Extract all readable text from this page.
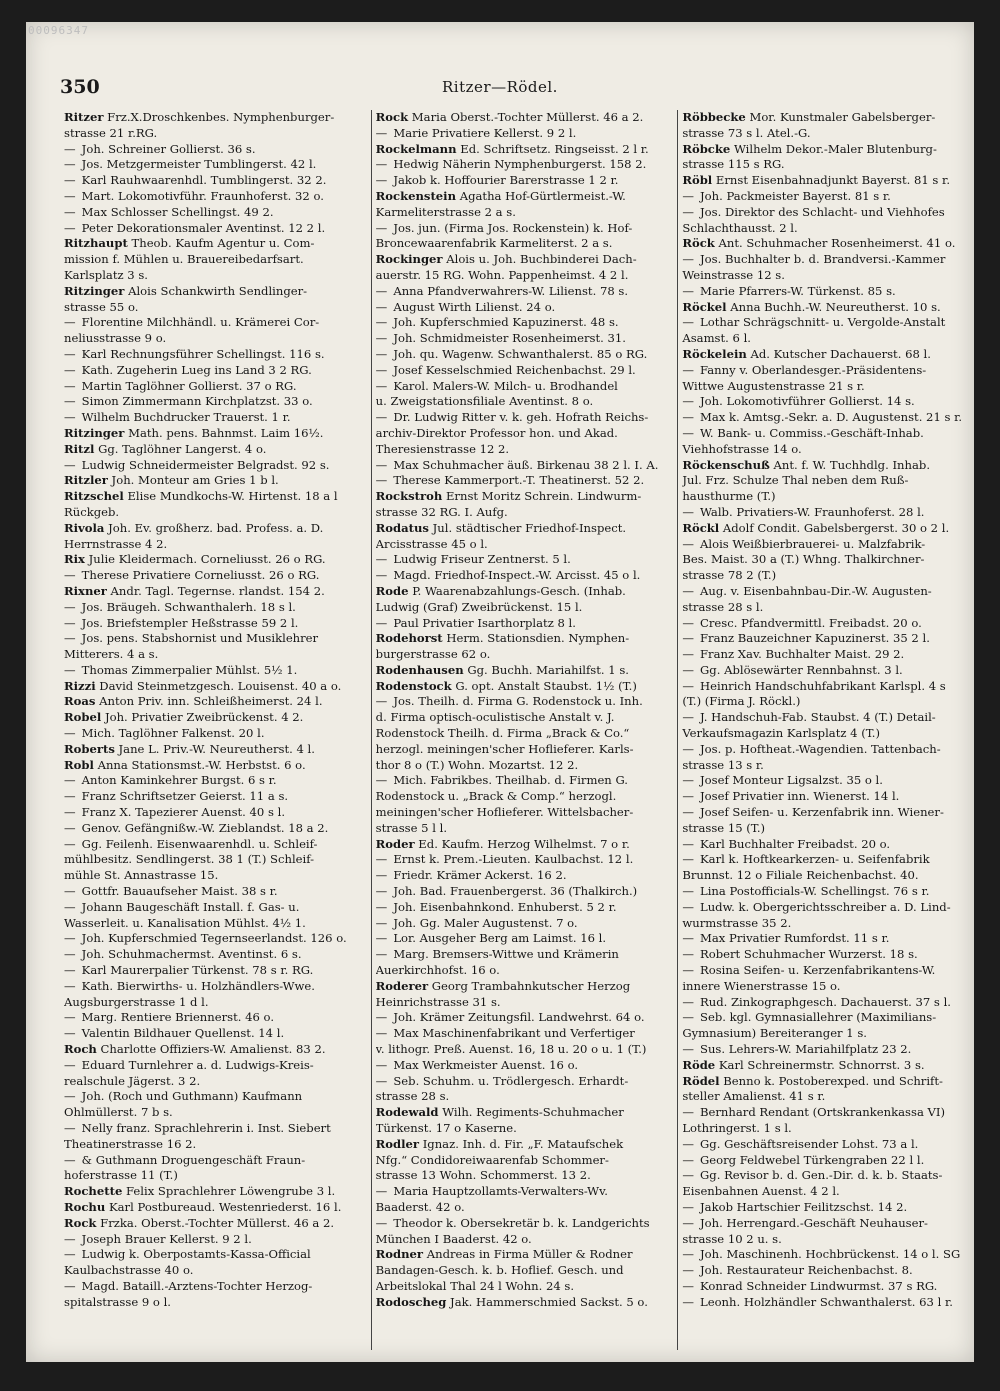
00096347
350	Ritzer—Rödel.
Ritzer Frz.X.Droschkenbes. Nymphenburger-
strasse 21 r.RG.
— Joh. Schreiner Gollierst. 36 s.
— Jos. Metzgermeister Tumblingerst. 42 l.
— Karl Rauhwaarenhdl. Tumblingerst. 32 2.
— Mart. Lokomotivführ. Fraunhoferst. 32 o.
— Max Schlosser Schellingst. 49 2.
— Peter Dekorationsmaler Aventinst. 12 2 l.
Ritzhaupt Theob. Kaufm Agentur u. Com-
mission f. Mühlen u. Brauereibedarfsart.
Karlsplatz 3 s.
Ritzinger Alois Schankwirth Sendlinger-
strasse 55 o.
— Florentine Milchhändl. u. Krämerei Cor-
neliusstrasse 9 o.
— Karl Rechnungsführer Schellingst. 116 s.
— Kath. Zugeherin Lueg ins Land 3 2 RG.
— Martin Taglöhner Gollierst. 37 o RG.
— Simon Zimmermann Kirchplatzst. 33 o.
— Wilhelm Buchdrucker Trauerst. 1 r.
Ritzinger Math. pens. Bahnmst. Laim 16½.
Ritzl Gg. Taglöhner Langerst. 4 o.
— Ludwig Schneidermeister Belgradst. 92 s.
Ritzler Joh. Monteur am Gries 1 b l.
Ritzschel Elise Mundkochs-W. Hirtenst. 18 a l
Rückgeb.
Rivola Joh. Ev. großherz. bad. Profess. a. D.
Herrnstrasse 4 2.
Rix Julie Kleidermach. Corneliusst. 26 o RG.
— Therese Privatiere Corneliusst. 26 o RG.
Rixner Andr. Tagl. Tegernse. rlandst. 154 2.
— Jos. Bräugeh. Schwanthalerh. 18 s l.
— Jos. Briefstempler Heßstrasse 59 2 l.
— Jos. pens. Stabshornist und Musiklehrer
Mitterers. 4 a s.
— Thomas Zimmerpalier Mühlst. 5½ 1.
Rizzi David Steinmetzgesch. Louisenst. 40 a o.
Roas Anton Priv. inn. Schleißheimerst. 24 l.
Robel Joh. Privatier Zweibrückenst. 4 2.
— Mich. Taglöhner Falkenst. 20 l.
Roberts Jane L. Priv.-W. Neureutherst. 4 l.
Robl Anna Stationsmst.-W. Herbstst. 6 o.
— Anton Kaminkehrer Burgst. 6 s r.
— Franz Schriftsetzer Geierst. 11 a s.
— Franz X. Tapezierer Auenst. 40 s l.
— Genov. Gefängnißw.-W. Zieblandst. 18 a 2.
— Gg. Feilenh. Eisenwaarenhdl. u. Schleif-
mühlbesitz. Sendlingerst. 38 1 (T.) Schleif-
mühle St. Annastrasse 15.
— Gottfr. Bauaufseher Maist. 38 s r.
— Johann Baugeschäft Install. f. Gas- u.
Wasserleit. u. Kanalisation Mühlst. 4½ 1.
— Joh. Kupferschmied Tegernseerlandst. 126 o.
— Joh. Schuhmachermst. Aventinst. 6 s.
— Karl Maurerpalier Türkenst. 78 s r. RG.
— Kath. Bierwirths- u. Holzhändlers-Wwe.
Augsburgerstrasse 1 d l.
— Marg. Rentiere Briennerst. 46 o.
— Valentin Bildhauer Quellenst. 14 l.
Roch Charlotte Offiziers-W. Amalienst. 83 2.
— Eduard Turnlehrer a. d. Ludwigs-Kreis-
realschule Jägerst. 3 2.
— Joh. (Roch und Guthmann) Kaufmann
Ohlmüllerst. 7 b s.
— Nelly franz. Sprachlehrerin i. Inst. Siebert
Theatinerstrasse 16 2.
— & Guthmann Droguengeschäft Fraun-
hoferstrasse 11 (T.)
Rochette Felix Sprachlehrer Löwengrube 3 l.
Rochu Karl Postbureaud. Westenriederst. 16 l.
Rock Frzka. Oberst.-Tochter Müllerst. 46 a 2.
— Joseph Brauer Kellerst. 9 2 l.
— Ludwig k. Oberpostamts-Kassa-Official
Kaulbachstrasse 40 o.
— Magd. Bataill.-Arztens-Tochter Herzog-
spitalstrasse 9 o l.
Rock Maria Oberst.-Tochter Müllerst. 46 a 2.
— Marie Privatiere Kellerst. 9 2 l.
Rockelmann Ed. Schriftsetz. Ringseisst. 2 l r.
— Hedwig Näherin Nymphenburgerst. 158 2.
— Jakob k. Hoffourier Barerstrasse 1 2 r.
Rockenstein Agatha Hof-Gürtlermeist.-W.
Karmeliterstrasse 2 a s.
— Jos. jun. (Firma Jos. Rockenstein) k. Hof-
Broncewaarenfabrik Karmeliterst. 2 a s.
Rockinger Alois u. Joh. Buchbinderei Dach-
auerstr. 15 RG. Wohn. Pappenheimst. 4 2 l.
— Anna Pfandverwahrers-W. Lilienst. 78 s.
— August Wirth Lilienst. 24 o.
— Joh. Kupferschmied Kapuzinerst. 48 s.
— Joh. Schmidmeister Rosenheimerst. 31.
— Joh. qu. Wagenw. Schwanthalerst. 85 o RG.
— Josef Kesselschmied Reichenbachst. 29 l.
— Karol. Malers-W. Milch- u. Brodhandel
u. Zweigstationsfiliale Aventinst. 8 o.
— Dr. Ludwig Ritter v. k. geh. Hofrath Reichs-
archiv-Direktor Professor hon. und Akad.
Theresienstrasse 12 2.
— Max Schuhmacher äuß. Birkenau 38 2 l. I. A.
— Therese Kammerport.-T. Theatinerst. 52 2.
Rockstroh Ernst Moritz Schrein. Lindwurm-
strasse 32 RG. I. Aufg.
Rodatus Jul. städtischer Friedhof-Inspect.
Arcisstrasse 45 o l.
— Ludwig Friseur Zentnerst. 5 l.
— Magd. Friedhof-Inspect.-W. Arcisst. 45 o l.
Rode P. Waarenabzahlungs-Gesch. (Inhab.
Ludwig (Graf) Zweibrückenst. 15 l.
— Paul Privatier Isarthorplatz 8 l.
Rodehorst Herm. Stationsdien. Nymphen-
burgerstrasse 62 o.
Rodenhausen Gg. Buchh. Mariahilfst. 1 s.
Rodenstock G. opt. Anstalt Staubst. 1½ (T.)
— Jos. Theilh. d. Firma G. Rodenstock u. Inh.
d. Firma optisch-oculistische Anstalt v. J.
Rodenstock Theilh. d. Firma „Brack & Co.“
herzogl. meiningen'scher Hoflieferer. Karls-
thor 8 o (T.) Wohn. Mozartst. 12 2.
— Mich. Fabrikbes. Theilhab. d. Firmen G.
Rodenstock u. „Brack & Comp.“ herzogl.
meiningen'scher Hoflieferer. Wittelsbacher-
strasse 5 l l.
Roder Ed. Kaufm. Herzog Wilhelmst. 7 o r.
— Ernst k. Prem.-Lieuten. Kaulbachst. 12 l.
— Friedr. Krämer Ackerst. 16 2.
— Joh. Bad. Frauenbergerst. 36 (Thalkirch.)
— Joh. Eisenbahnkond. Enhuberst. 5 2 r.
— Joh. Gg. Maler Augustenst. 7 o.
— Lor. Ausgeher Berg am Laimst. 16 l.
— Marg. Bremsers-Wittwe und Krämerin
Auerkirchhofst. 16 o.
Roderer Georg Trambahnkutscher Herzog
Heinrichstrasse 31 s.
— Joh. Krämer Zeitungsfil. Landwehrst. 64 o.
— Max Maschinenfabrikant und Verfertiger
v. lithogr. Preß. Auenst. 16, 18 u. 20 o u. 1 (T.)
— Max Werkmeister Auenst. 16 o.
— Seb. Schuhm. u. Trödlergesch. Erhardt-
strasse 28 s.
Rodewald Wilh. Regiments-Schuhmacher
Türkenst. 17 o Kaserne.
Rodler Ignaz. Inh. d. Fir. „F. Mataufschek
Nfg.“ Condidoreiwaarenfab Schommer-
strasse 13 Wohn. Schommerst. 13 2.
— Maria Hauptzollamts-Verwalters-Wv.
Baaderst. 42 o.
— Theodor k. Obersekretär b. k. Landgerichts
München I Baaderst. 42 o.
Rodner Andreas in Firma Müller & Rodner
Bandagen-Gesch. k. b. Hoflief. Gesch. und
Arbeitslokal Thal 24 l Wohn. 24 s.
Rodoscheg Jak. Hammerschmied Sackst. 5 o.
Röbbecke Mor. Kunstmaler Gabelsberger-
strasse 73 s l. Atel.-G.
Röbcke Wilhelm Dekor.-Maler Blutenburg-
strasse 115 s RG.
Röbl Ernst Eisenbahnadjunkt Bayerst. 81 s r.
— Joh. Packmeister Bayerst. 81 s r.
— Jos. Direktor des Schlacht- und Viehhofes
Schlachthausst. 2 l.
Röck Ant. Schuhmacher Rosenheimerst. 41 o.
— Jos. Buchhalter b. d. Brandversi.-Kammer
Weinstrasse 12 s.
— Marie Pfarrers-W. Türkenst. 85 s.
Röckel Anna Buchh.-W. Neureutherst. 10 s.
— Lothar Schrägschnitt- u. Vergolde-Anstalt
Asamst. 6 l.
Röckelein Ad. Kutscher Dachauerst. 68 l.
— Fanny v. Oberlandesger.-Präsidentens-
Wittwe Augustenstrasse 21 s r.
— Joh. Lokomotivführer Gollierst. 14 s.
— Max k. Amtsg.-Sekr. a. D. Augustenst. 21 s r.
— W. Bank- u. Commiss.-Geschäft-Inhab.
Viehhofstrasse 14 o.
Röckenschuß Ant. f. W. Tuchhdlg. Inhab.
Jul. Frz. Schulze Thal neben dem Ruß-
hausthurme (T.)
— Walb. Privatiers-W. Fraunhoferst. 28 l.
Röckl Adolf Condit. Gabelsbergerst. 30 o 2 l.
— Alois Weißbierbrauerei- u. Malzfabrik-
Bes. Maist. 30 a (T.) Whng. Thalkirchner-
strasse 78 2 (T.)
— Aug. v. Eisenbahnbau-Dir.-W. Augusten-
strasse 28 s l.
— Cresc. Pfandvermittl. Freibadst. 20 o.
— Franz Bauzeichner Kapuzinerst. 35 2 l.
— Franz Xav. Buchhalter Maist. 29 2.
— Gg. Ablösewärter Rennbahnst. 3 l.
— Heinrich Handschuhfabrikant Karlspl. 4 s
(T.) (Firma J. Röckl.)
— J. Handschuh-Fab. Staubst. 4 (T.) Detail-
Verkaufsmagazin Karlsplatz 4 (T.)
— Jos. p. Hoftheat.-Wagendien. Tattenbach-
strasse 13 s r.
— Josef Monteur Ligsalzst. 35 o l.
— Josef Privatier inn. Wienerst. 14 l.
— Josef Seifen- u. Kerzenfabrik inn. Wiener-
strasse 15 (T.)
— Karl Buchhalter Freibadst. 20 o.
— Karl k. Hoftkearkerzen- u. Seifenfabrik
Brunnst. 12 o Filiale Reichenbachst. 40.
— Lina Postofficials-W. Schellingst. 76 s r.
— Ludw. k. Obergerichtsschreiber a. D. Lind-
wurmstrasse 35 2.
— Max Privatier Rumfordst. 11 s r.
— Robert Schuhmacher Wurzerst. 18 s.
— Rosina Seifen- u. Kerzenfabrikantens-W.
innere Wienerstrasse 15 o.
— Rud. Zinkographgesch. Dachauerst. 37 s l.
— Seb. kgl. Gymnasiallehrer (Maximilians-
Gymnasium) Bereiteranger 1 s.
— Sus. Lehrers-W. Mariahilfplatz 23 2.
Röde Karl Schreinermstr. Schnorrst. 3 s.
Rödel Benno k. Postoberexped. und Schrift-
steller Amalienst. 41 s r.
— Bernhard Rendant (Ortskrankenkassa VI)
Lothringerst. 1 s l.
— Gg. Geschäftsreisender Lohst. 73 a l.
— Georg Feldwebel Türkengraben 22 l l.
— Gg. Revisor b. d. Gen.-Dir. d. k. b. Staats-
Eisenbahnen Auenst. 4 2 l.
— Jakob Hartschier Feilitzschst. 14 2.
— Joh. Herrengard.-Geschäft Neuhauser-
strasse 10 2 u. s.
— Joh. Maschinenh. Hochbrückenst. 14 o l. SG
— Joh. Restaurateur Reichenbachst. 8.
— Konrad Schneider Lindwurmst. 37 s RG.
— Leonh. Holzhändler Schwanthalerst. 63 l r.
